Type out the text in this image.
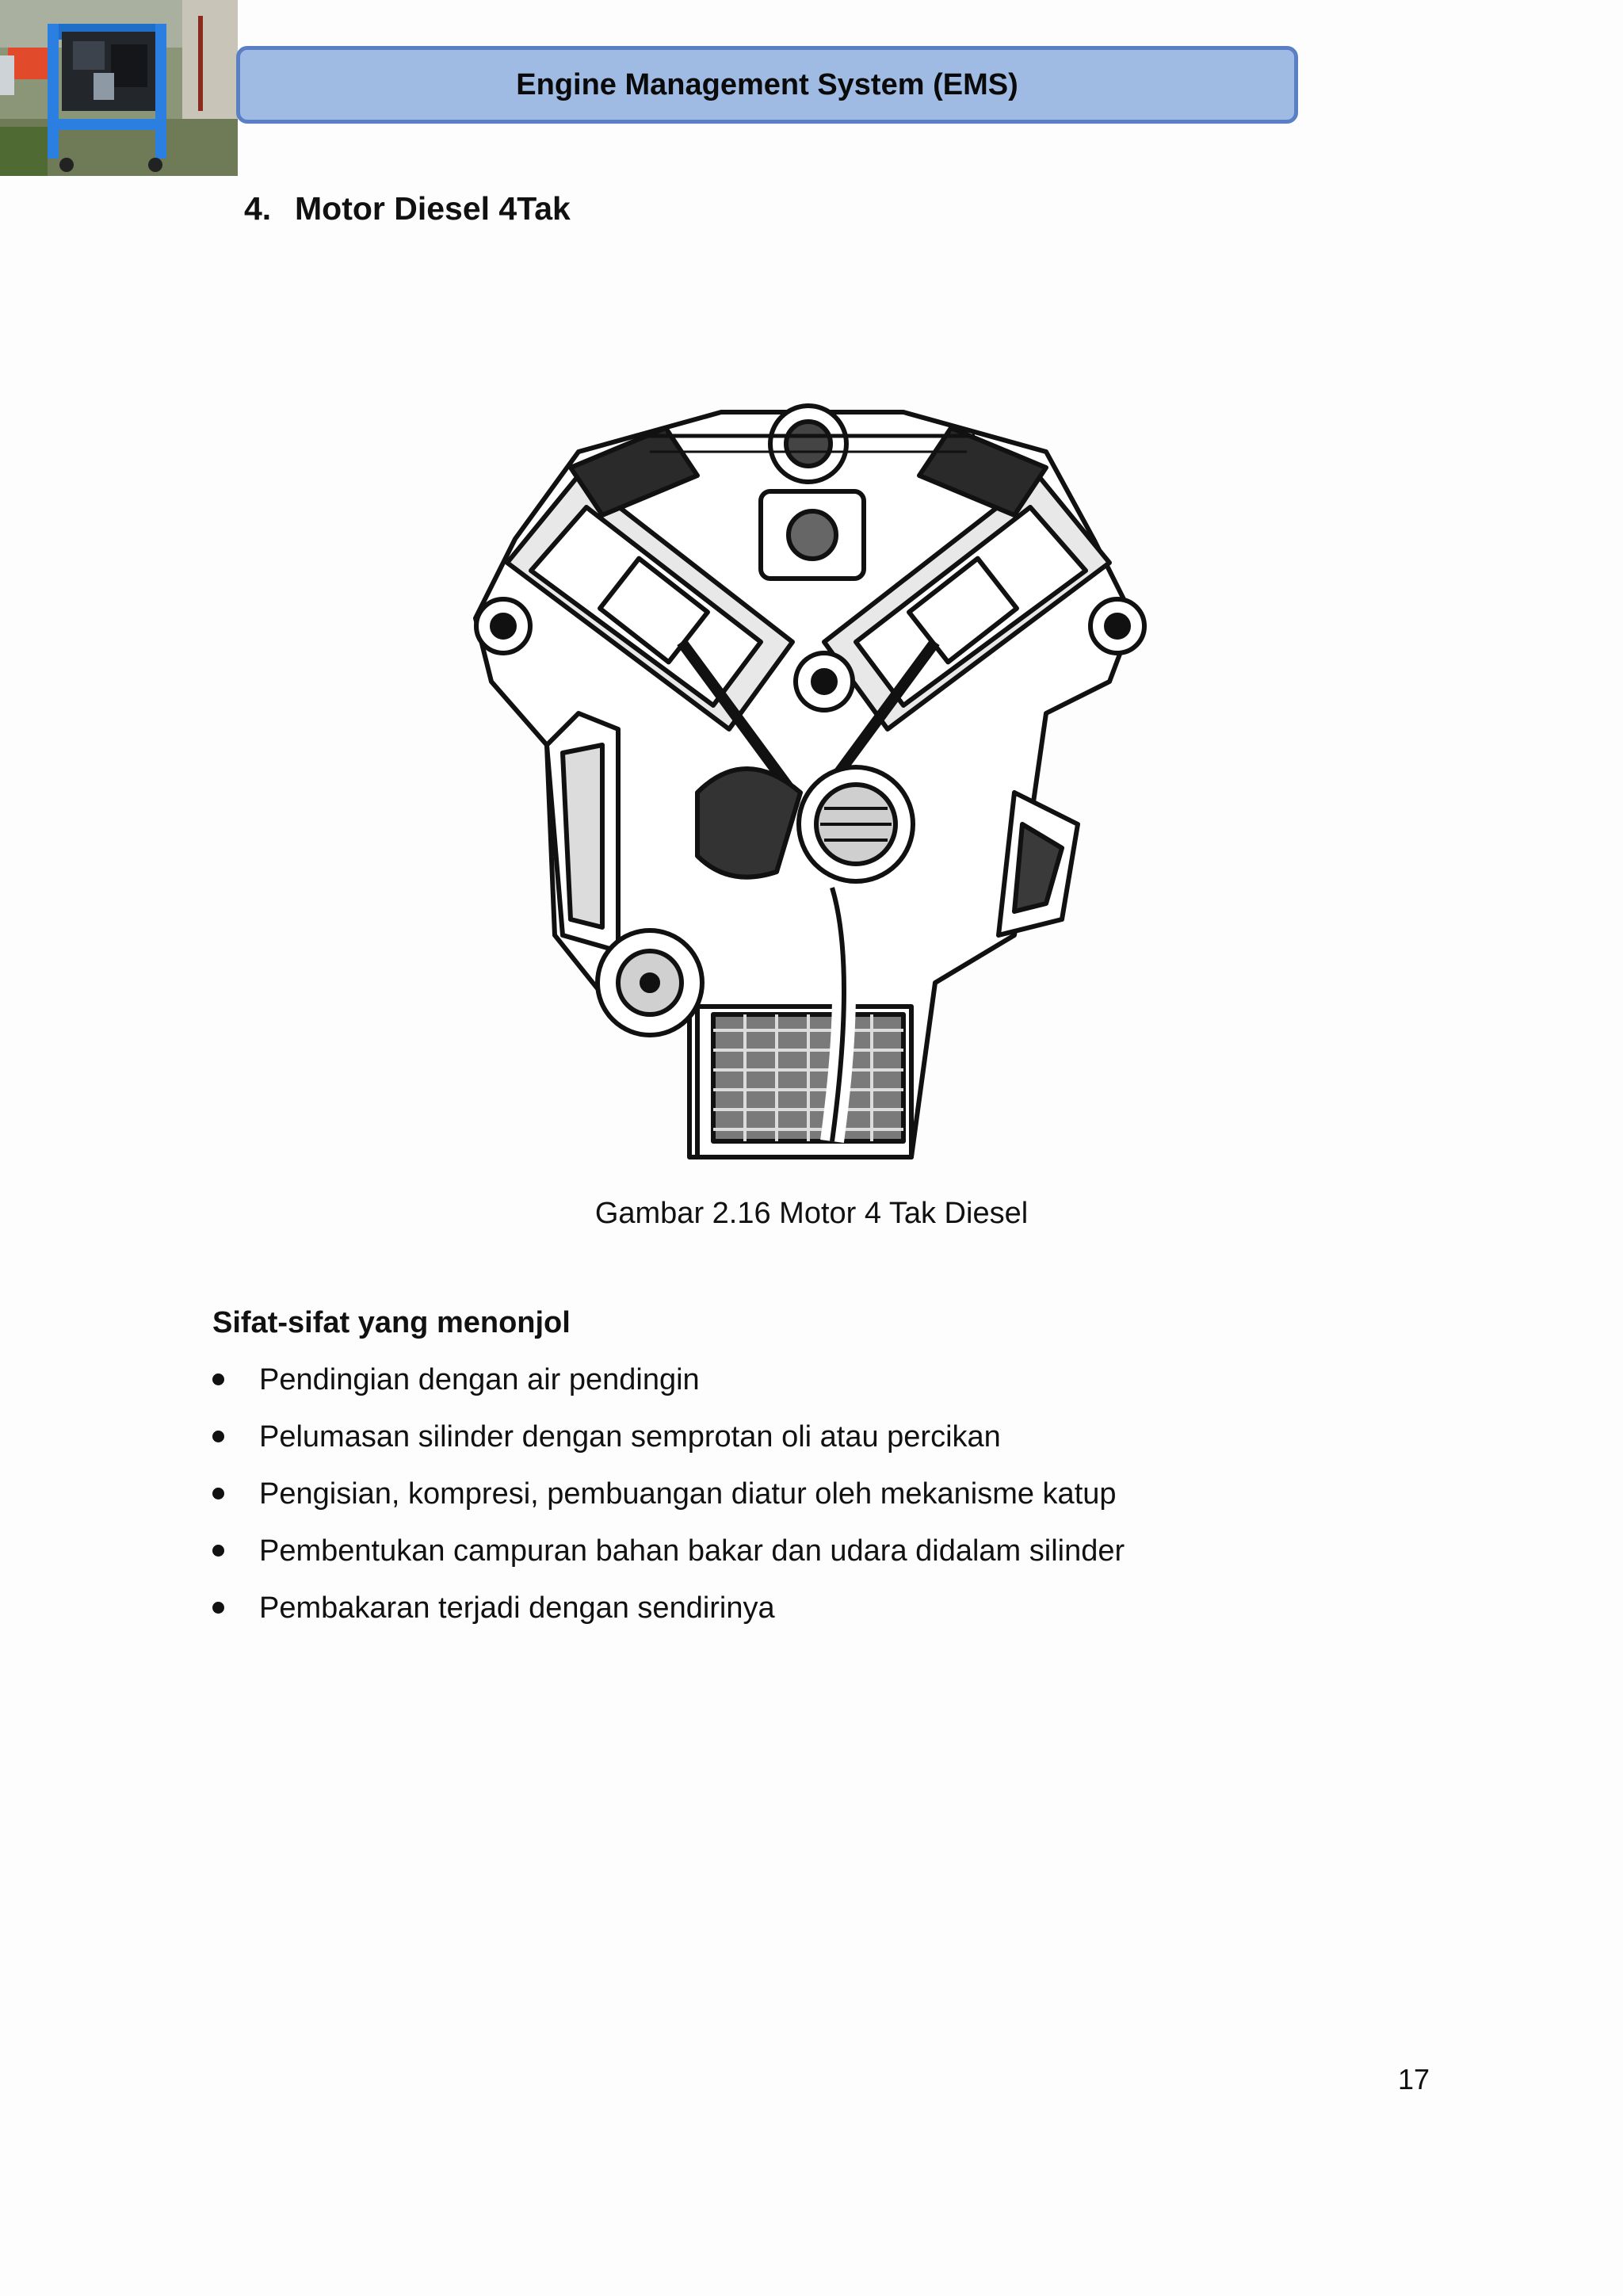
Engine Management System (EMS)
4. Motor Diesel 4Tak
Gambar 2.16 Motor 4 Tak Diesel
Sifat-sifat yang menonjol
Pendingian dengan air pendingin
Pelumasan silinder dengan semprotan oli atau percikan
Pengisian, kompresi, pembuangan diatur oleh mekanisme katup
Pembentukan campuran bahan bakar dan udara didalam silinder
Pembakaran terjadi dengan sendirinya
17
